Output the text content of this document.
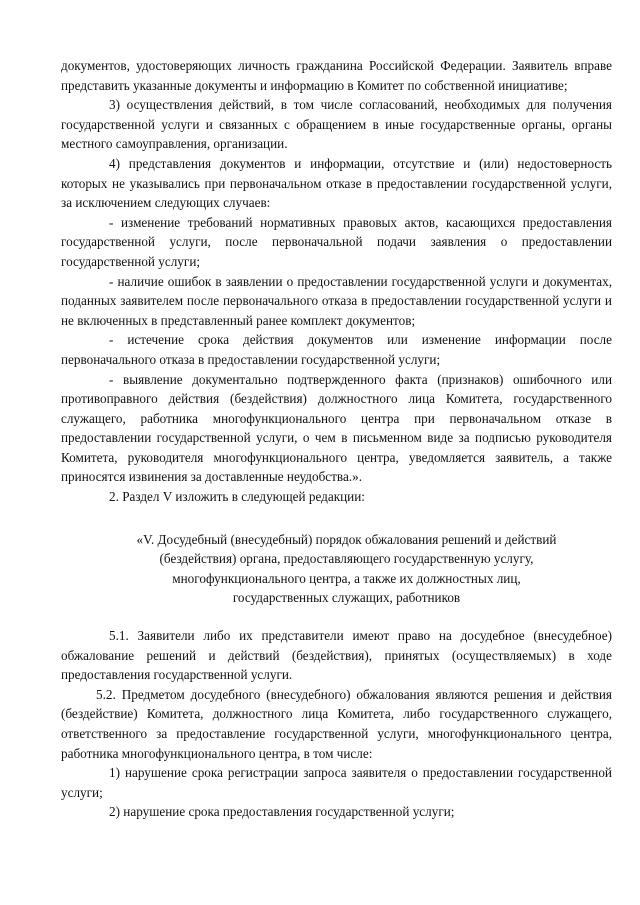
документов, удостоверяющих личность гражданина Российской Федерации. Заявитель вправе представить указанные документы и информацию в Комитет по собственной инициативе;

3) осуществления действий, в том числе согласований, необходимых для получения государственной услуги и связанных с обращением в иные государственные органы, органы местного самоуправления, организации.

4) представления документов и информации, отсутствие и (или) недостоверность которых не указывались при первоначальном отказе в предоставлении государственной услуги, за исключением следующих случаев:

- изменение требований нормативных правовых актов, касающихся предоставления государственной услуги, после первоначальной подачи заявления о предоставлении государственной услуги;

- наличие ошибок в заявлении о предоставлении государственной услуги и документах, поданных заявителем после первоначального отказа в предоставлении государственной услуги и не включенных в представленный ранее комплект документов;

- истечение срока действия документов или изменение информации после первоначального отказа в предоставлении государственной услуги;

- выявление документально подтвержденного факта (признаков) ошибочного или противоправного действия (бездействия) должностного лица Комитета, государственного служащего, работника многофункционального центра при первоначальном отказе в предоставлении государственной услуги, о чем в письменном виде за подписью руководителя Комитета, руководителя многофункционального центра, уведомляется заявитель, а также приносятся извинения за доставленные неудобства.».

2. Раздел V изложить в следующей редакции:

«V. Досудебный (внесудебный) порядок обжалования решений и действий
(бездействия) органа, предоставляющего государственную услугу,
многофункционального центра, а также их должностных лиц,
государственных служащих, работников

5.1. Заявители либо их представители имеют право на досудебное (внесудебное) обжалование решений и действий (бездействия), принятых (осуществляемых) в ходе предоставления государственной услуги.

5.2. Предметом досудебного (внесудебного) обжалования являются решения и действия (бездействие) Комитета, должностного лица Комитета, либо государственного служащего, ответственного за предоставление государственной услуги, многофункционального центра, работника многофункционального центра, в том числе:

1) нарушение срока регистрации запроса заявителя о предоставлении государственной услуги;

2) нарушение срока предоставления государственной услуги;
